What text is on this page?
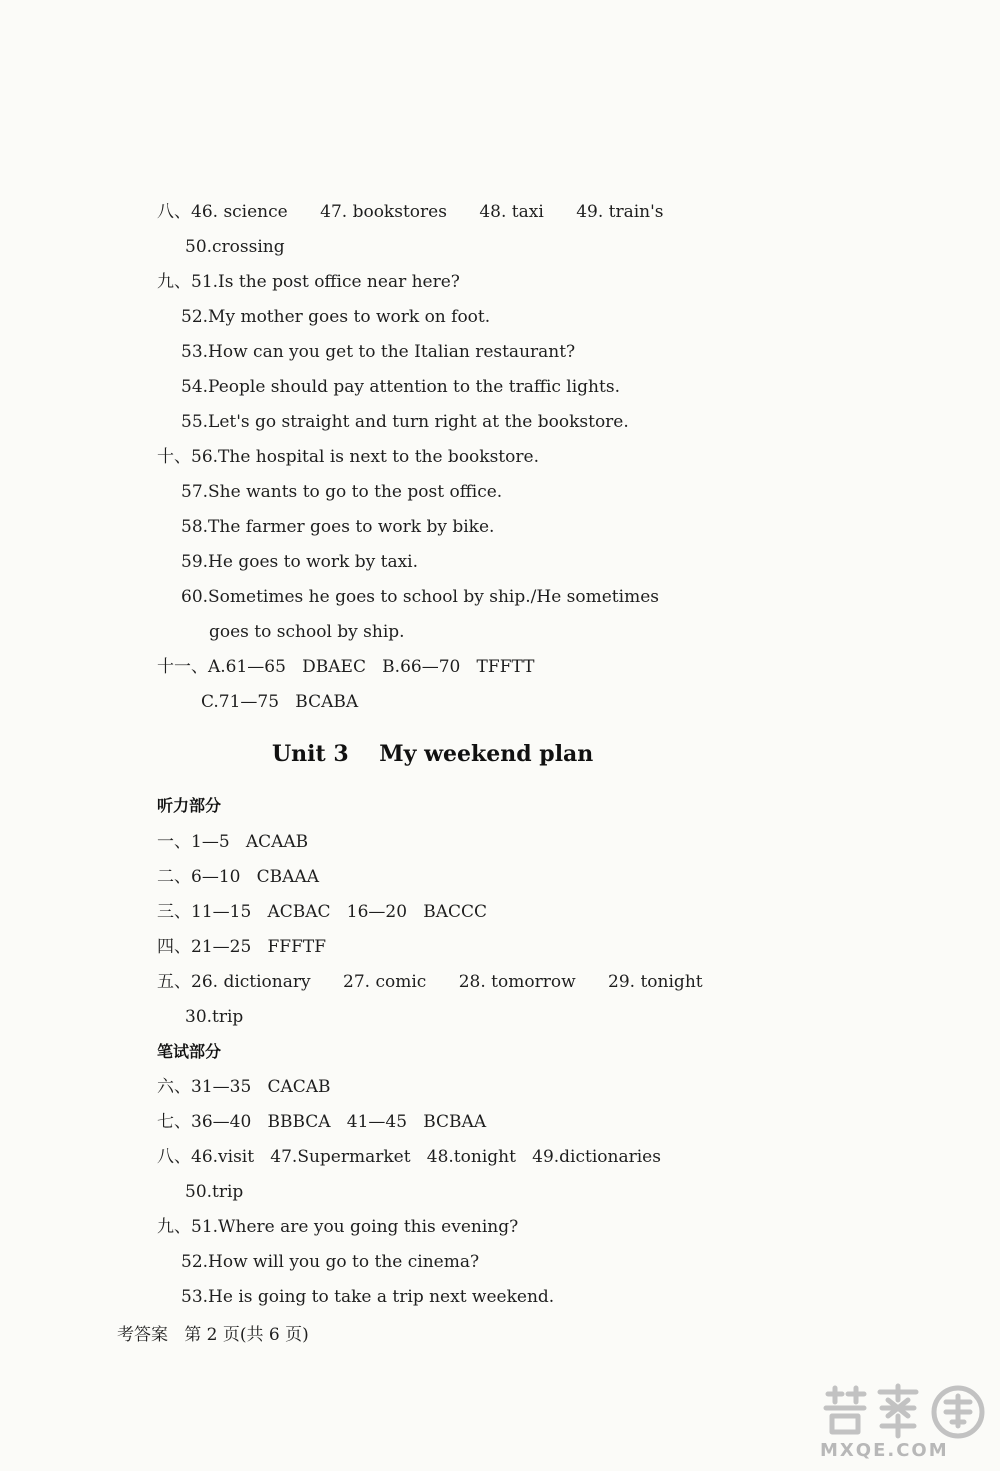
八、46. science      47. bookstores      48. taxi      49. train's
50.crossing
九、51.Is the post office near here?
52.My mother goes to work on foot.
53.How can you get to the Italian restaurant?
54.People should pay attention to the traffic lights.
55.Let's go straight and turn right at the bookstore.
十、56.The hospital is next to the bookstore.
57.She wants to go to the post office.
58.The farmer goes to work by bike.
59.He goes to work by taxi.
60.Sometimes he goes to school by ship./He sometimes
goes to school by ship.
十一、A.61—65   DBAEC   B.66—70   TFFTT
C.71—75   BCABA
Unit 3    My weekend plan
听力部分
一、1—5   ACAAB
二、6—10   CBAAA
三、11—15   ACBAC   16—20   BACCC
四、21—25   FFFTF
五、26. dictionary      27. comic      28. tomorrow      29. tonight
30.trip
笔试部分
六、31—35   CACAB
七、36—40   BBBCA   41—45   BCBAA
八、46.visit   47.Supermarket   48.tonight   49.dictionaries
50.trip
九、51.Where are you going this evening?
52.How will you go to the cinema?
53.He is going to take a trip next weekend.
考答案   第 2 页(共 6 页)
MXQE.COM
